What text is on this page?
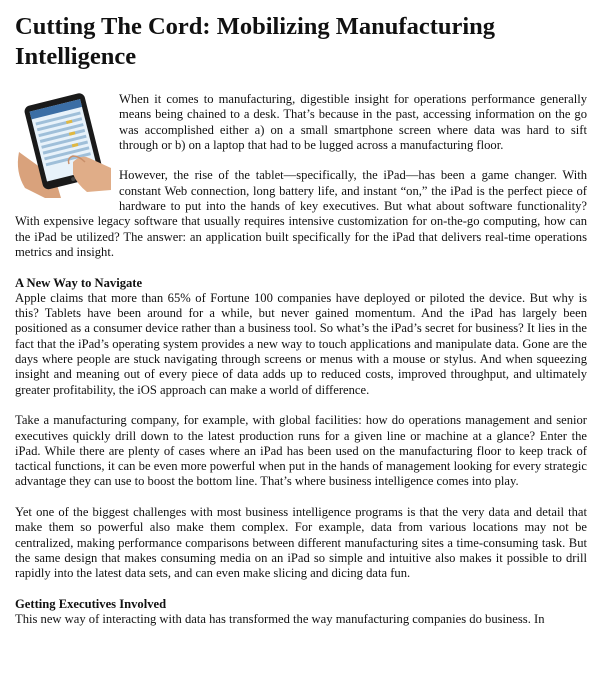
Cutting The Cord: Mobilizing Manufacturing Intelligence

When it comes to manufacturing, digestible insight for operations performance generally means being chained to a desk. That’s because in the past, accessing information on the go was accomplished either a) on a small smartphone screen where data was hard to sift through or b) on a laptop that had to be lugged across a manufacturing floor.

However, the rise of the tablet—specifically, the iPad—has been a game changer. With constant Web connection, long battery life, and instant “on,” the iPad is the perfect piece of hardware to put into the hands of key executives. But what about software functionality? With expensive legacy software that usually requires intensive customization for on-the-go computing, how can the iPad be utilized? The answer: an application built specifically for the iPad that delivers real-time operations metrics and insight.

A New Way to Navigate

Apple claims that more than 65% of Fortune 100 companies have deployed or piloted the device. But why is this? Tablets have been around for a while, but never gained momentum. And the iPad has largely been positioned as a consumer device rather than a business tool. So what’s the iPad’s secret for business? It lies in the fact that the iPad’s operating system provides a new way to touch applications and manipulate data. Gone are the days where people are stuck navigating through screens or menus with a mouse or stylus. And when squeezing insight and meaning out of every piece of data adds up to reduced costs, improved throughput, and ultimately greater profitability, the iOS approach can make a world of difference.

Take a manufacturing company, for example, with global facilities: how do operations management and senior executives quickly drill down to the latest production runs for a given line or machine at a glance? Enter the iPad. While there are plenty of cases where an iPad has been used on the manufacturing floor to keep track of tactical functions, it can be even more powerful when put in the hands of management looking for every strategic advantage they can use to boost the bottom line. That’s where business intelligence comes into play.

Yet one of the biggest challenges with most business intelligence programs is that the very data and detail that make them so powerful also make them complex. For example, data from various locations may not be centralized, making performance comparisons between different manufacturing sites a time-consuming task. But the same design that makes consuming media on an iPad so simple and intuitive also makes it possible to drill rapidly into the latest data sets, and can even make slicing and dicing data fun.

Getting Executives Involved

This new way of interacting with data has transformed the way manufacturing companies do business. In
